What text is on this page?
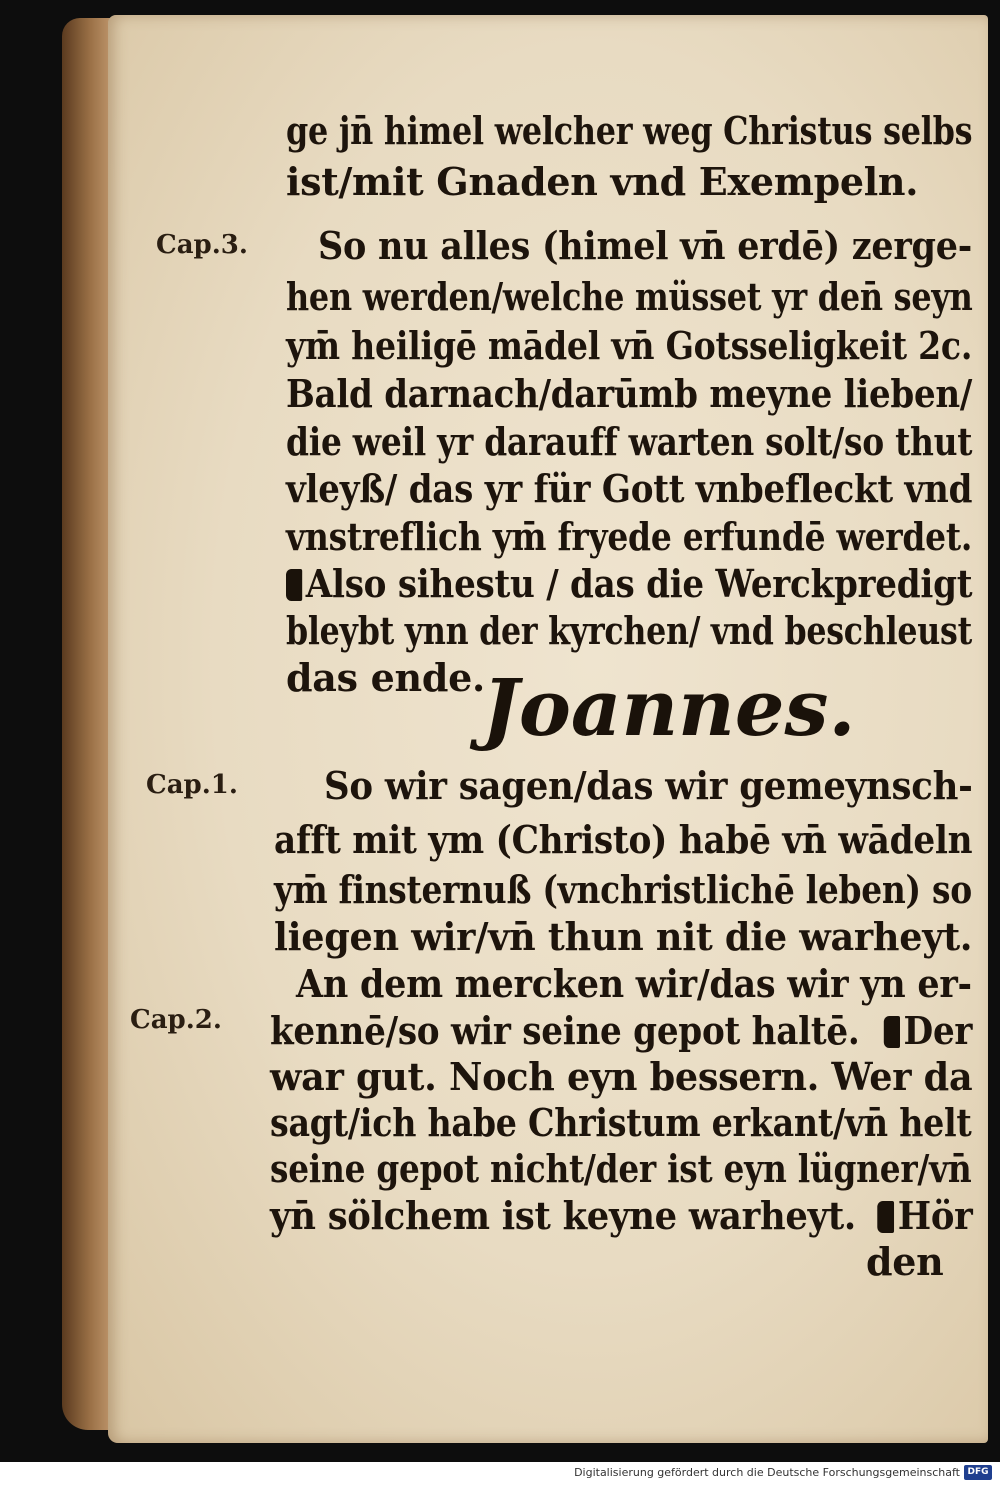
ge jn̄ himel welcher weg Christus selbs
ist/mit Gnaden vnd Exempeln.
Cap.3. So nu alles (himel vn̄ erdē) zerge-
hen werden/welche müsset yr den̄ seyn
ym̄ heiligē mādel vn̄ Gotsseligkeit 2c.
Bald darnach/darūmb meyne lieben/
die weil yr darauff warten solt/so thut
vleyß/ das yr für Gott vnbefleckt vnd
vnstreflich ym̄ fryede erfundē werdet.
Also sihestu / das die Werckpredigt
bleybt ynn der kyrchen/ vnd beschleust
das ende.
Joannes.
Cap.1. So wir sagen/das wir gemeynsch-
afft mit ym (Christo) habē vn̄ wādeln
ym̄ finsternuß (vnchristlichē leben) so
liegen wir/vn̄ thun nit die warheyt.
An dem mercken wir/das wir yn er-
Cap.2. kennē/so wir seine gepot haltē. Der
war gut. Noch eyn bessern. Wer da
sagt/ich habe Christum erkant/vn̄ helt
seine gepot nicht/der ist eyn lügner/vn̄
yn̄ sölchem ist keyne warheyt. Hör
den
Digitalisierung gefördert durch die Deutsche Forschungsgemeinschaft DFG
